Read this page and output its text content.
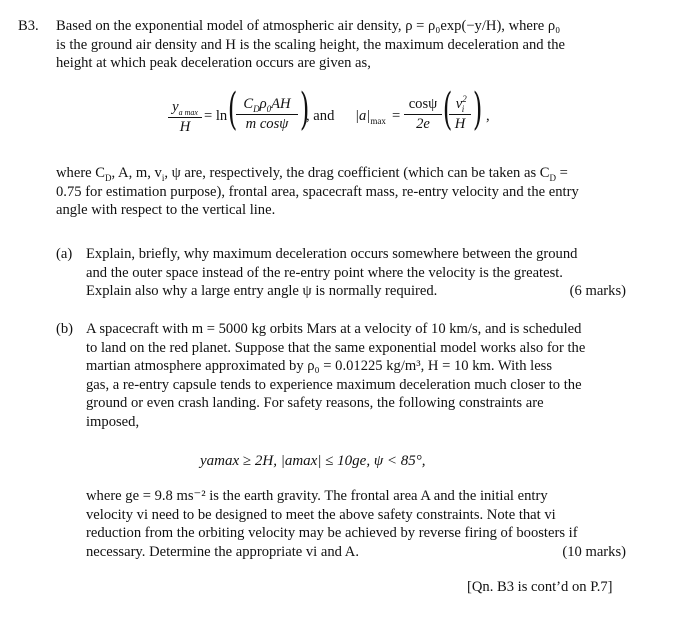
B3. Based on the exponential model of atmospheric air density, ρ = ρ₀exp(−y/H), where ρ₀
is the ground air density and H is the scaling height, the maximum deceleration and the
height at which peak deceleration occurs are given as,
$y_{a max}$
H
= ln ( $C_D\rho_0AH$
m cosψ )
, and $|a|_{max} = \frac{\cos\psi}{2e}$ (
$\frac{v^2_i}{H}$ ) ,
where $C_D$, A, m, $v_i$, ψ are, respectively, the drag coefficient (which can be taken as $C_D$ =
0.75 for estimation purpose), frontal area, spacecraft mass, re-entry velocity and the entry
angle with respect to the vertical line.
(a) Explain, briefly, why maximum deceleration occurs somewhere between the ground
and the outer space instead of the re-entry point where the velocity is the greatest.
Explain also why a large entry angle ψ is normally required.	(6 marks)
(b) A spacecraft with m = 5000 kg orbits Mars at a velocity of 10 km/s, and is scheduled
to land on the red planet. Suppose that the same exponential model works also for the
martian atmosphere approximated by ρ₀ = 0.01225 kg/m³, H = 10 km. With less
gas, a re-entry capsule tends to experience maximum deceleration much closer to the
ground or even crash landing. For safety reasons, the following constraints are
imposed,
yamax ≥ 2H, |amax| ≤ 10ge, ψ < 85°,
where ge = 9.8 ms⁻² is the earth gravity. The frontal area A and the initial entry
velocity vi need to be designed to meet the above safety constraints. Note that vi
reduction from the orbiting velocity may be achieved by reverse firing of boosters if
necessary. Determine the appropriate vi and A.	(10 marks)
[Qn. B3 is cont’d on P.7]
